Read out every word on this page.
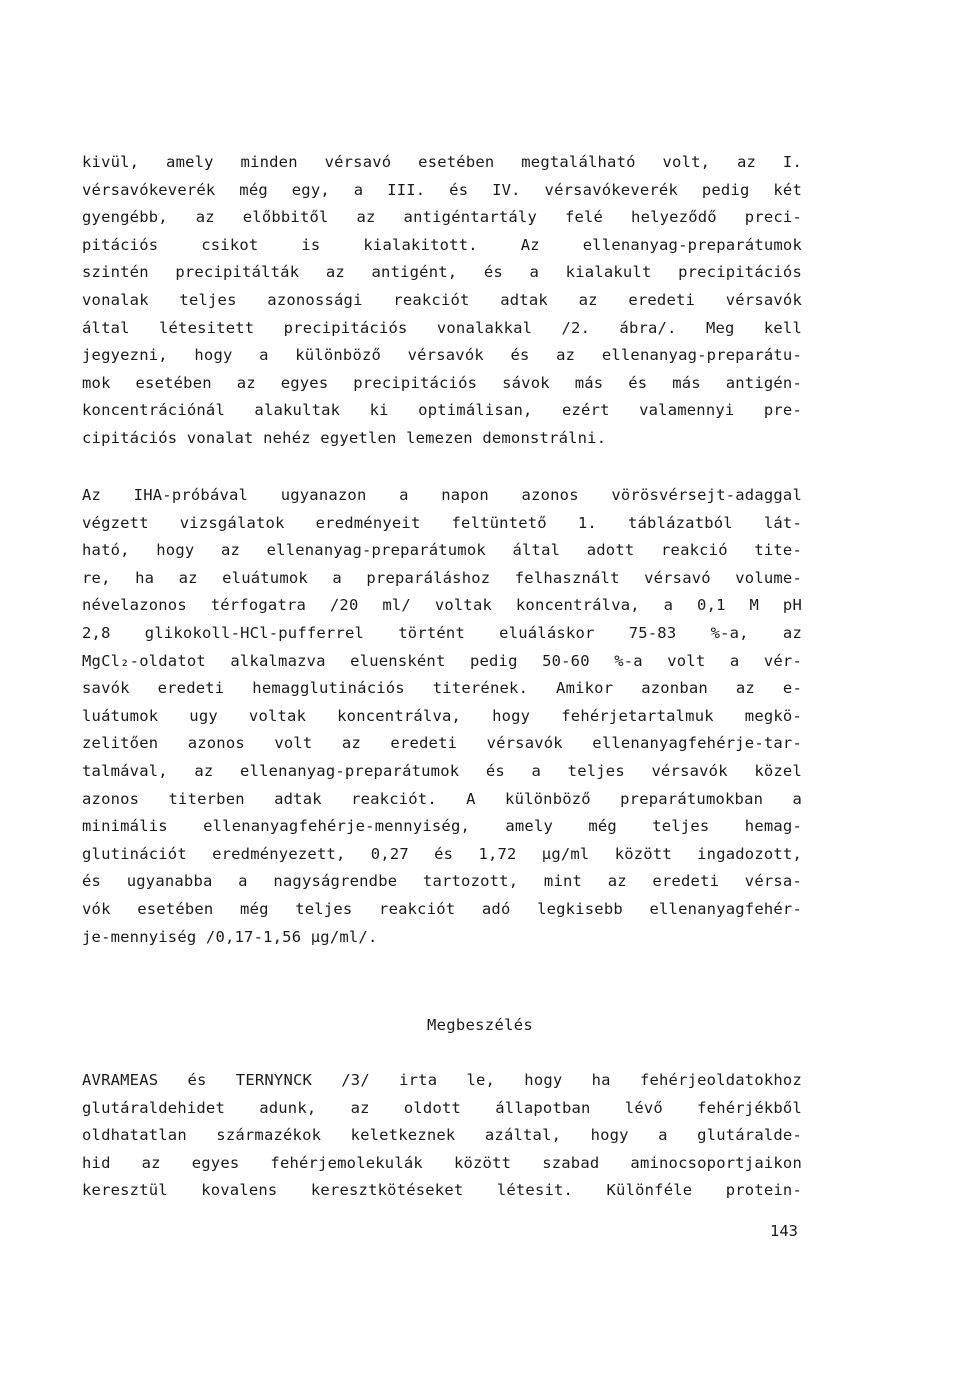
kivül, amely minden vérsavó esetében megtalálható volt, az I.
vérsavókeverék még egy, a III. és IV. vérsavókeverék pedig két
gyengébb, az előbbitől az antigéntartály felé helyeződő preci-
pitációs csikot is kialakitott. Az ellenanyag-preparátumok
szintén precipitálták az antigént, és a kialakult precipitációs
vonalak teljes azonossági reakciót adtak az eredeti vérsavók
által létesitett precipitációs vonalakkal /2. ábra/. Meg kell
jegyezni, hogy a különböző vérsavók és az ellenanyag-preparátu-
mok esetében az egyes precipitációs sávok más és más antigén-
koncentrációnál alakultak ki optimálisan, ezért valamennyi pre-
cipitációs vonalat nehéz egyetlen lemezen demonstrálni.
Az IHA-próbával ugyanazon a napon azonos vörösvérsejt-adaggal
végzett vizsgálatok eredményeit feltüntető 1. táblázatból lát-
ható, hogy az ellenanyag-preparátumok által adott reakció tite-
re, ha az eluátumok a preparáláshoz felhasznált vérsavó volume-
névelazonos térfogatra /20 ml/ voltak koncentrálva, a 0,1 M pH
2,8 glikokoll-HCl-pufferrel történt eluáláskor 75-83 %-a, az
MgCl₂-oldatot alkalmazva eluensként pedig 50-60 %-a volt a vér-
savók eredeti hemagglutinációs titerének. Amikor azonban az e-
luátumok ugy voltak koncentrálva, hogy fehérjetartalmuk megkö-
zelitően azonos volt az eredeti vérsavók ellenanyagfehérje-tar-
talmával, az ellenanyag-preparátumok és a teljes vérsavók közel
azonos titerben adtak reakciót. A különböző preparátumokban a
minimális ellenanyagfehérje-mennyiség, amely még teljes hemag-
glutinációt eredményezett, 0,27 és 1,72 µg/ml között ingadozott,
és ugyanabba a nagyságrendbe tartozott, mint az eredeti vérsa-
vók esetében még teljes reakciót adó legkisebb ellenanyagfehér-
je-mennyiség /0,17-1,56 µg/ml/.
Megbeszélés
AVRAMEAS és TERNYNCK /3/ irta le, hogy ha fehérjeoldatokhoz
glutáraldehidet adunk, az oldott állapotban lévő fehérjékből
oldhatatlan származékok keletkeznek azáltal, hogy a glutáralde-
hid az egyes fehérjemolekulák között szabad aminocsoportjaikon
keresztül kovalens keresztkötéseket létesit. Különféle protein-
143
